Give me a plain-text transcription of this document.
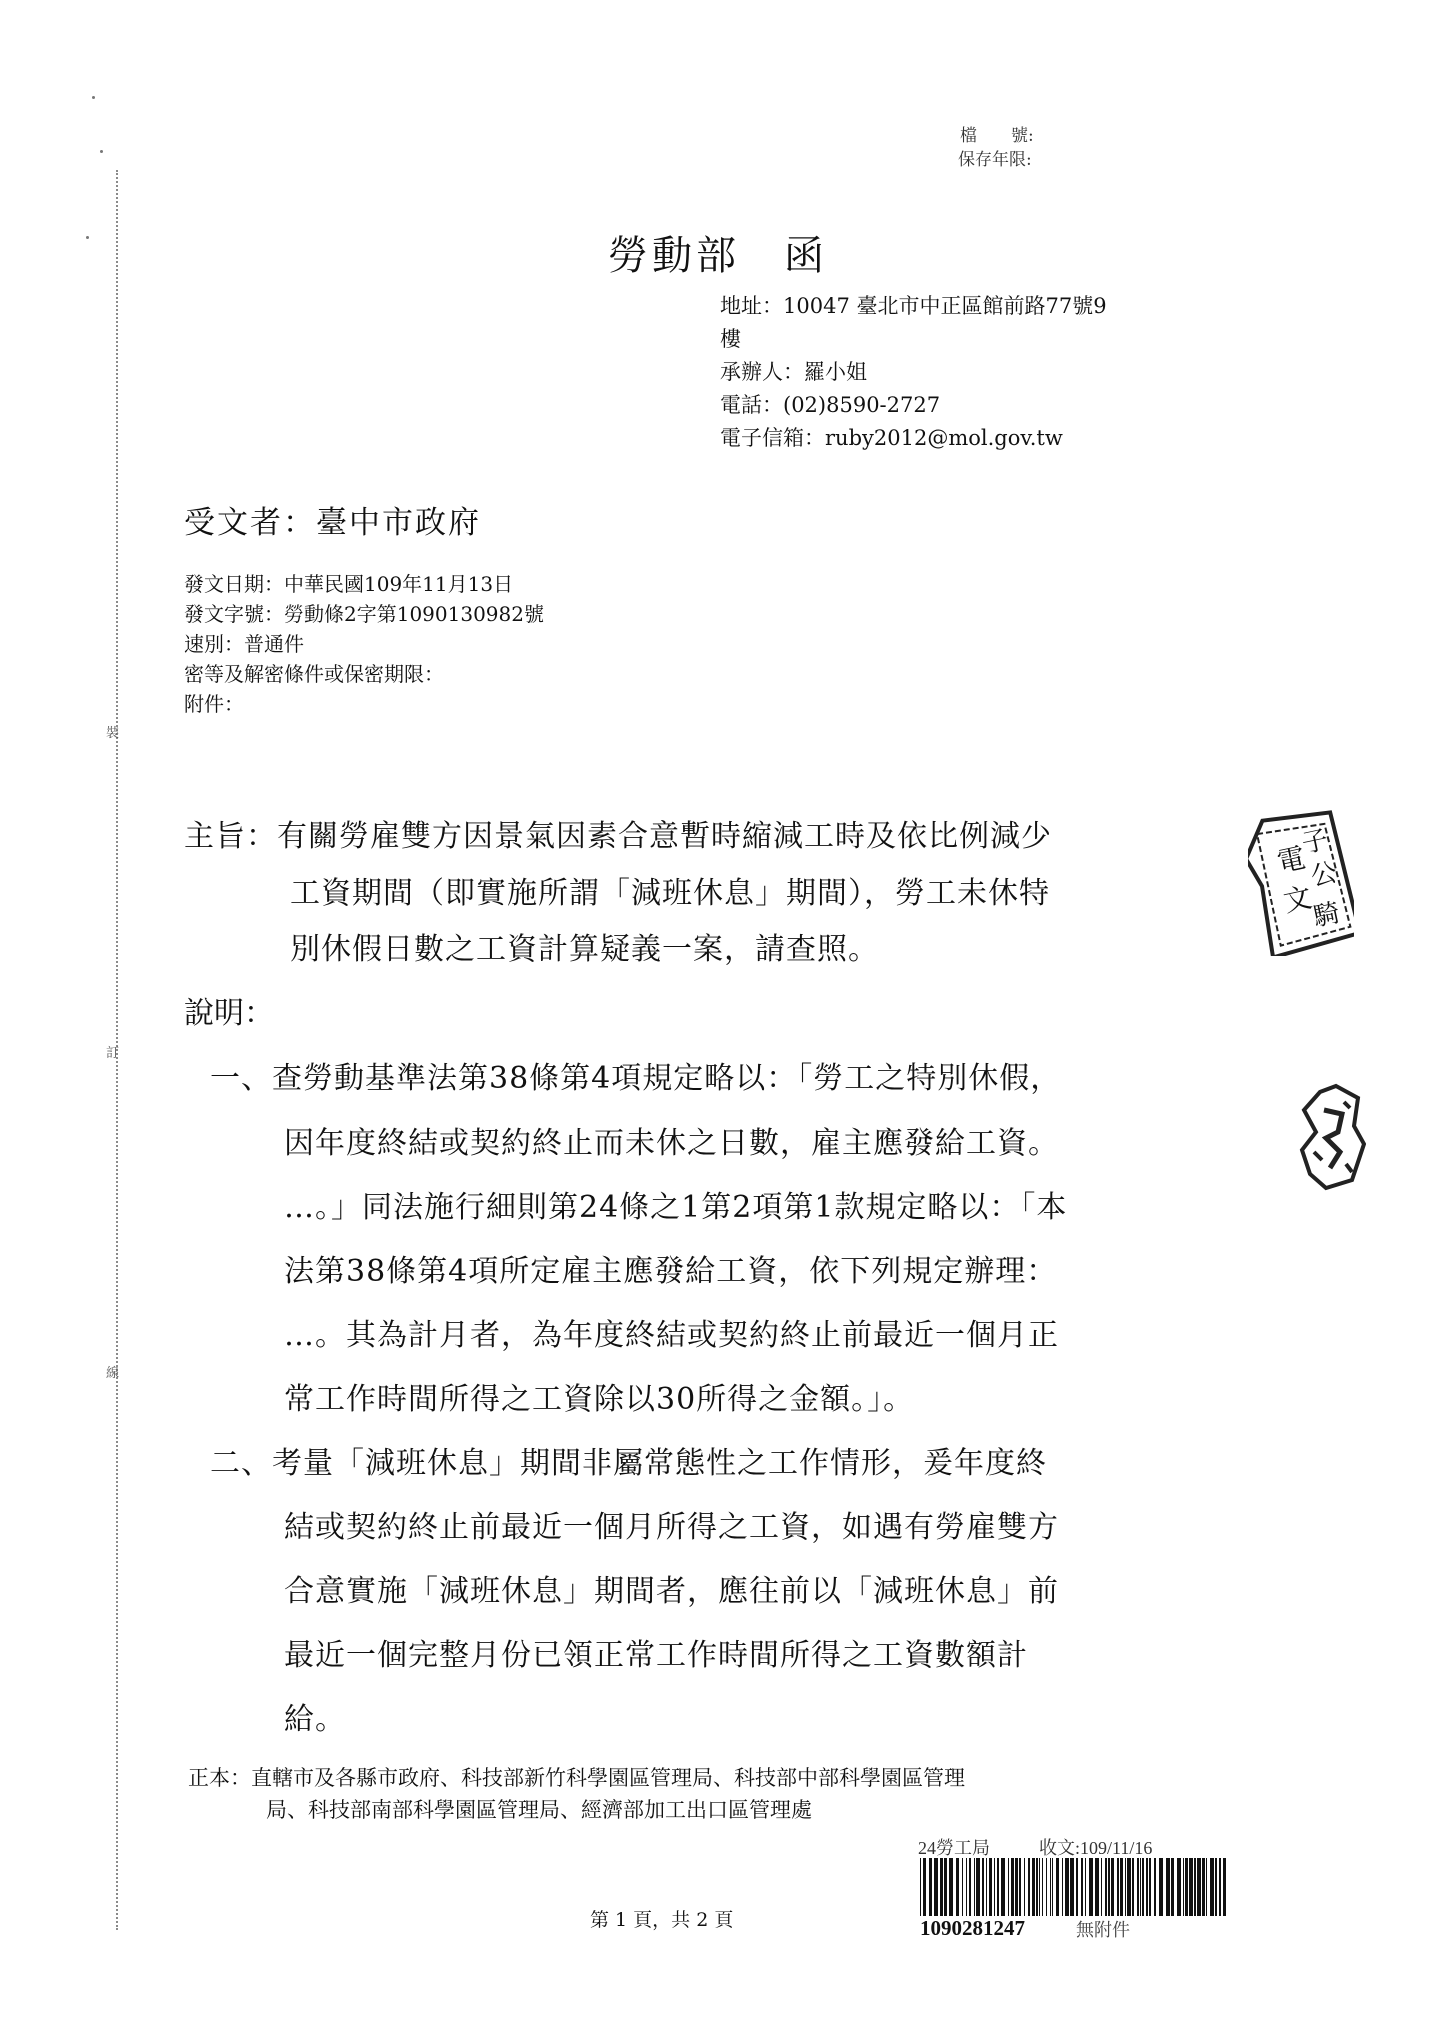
裝
訂
線
檔　　號:
保存年限:
勞動部　函
地址：10047 臺北市中正區館前路77號9
樓
承辦人：羅小姐
電話：(02)8590-2727
電子信箱：ruby2012@mol.gov.tw
受文者：臺中市政府
發文日期：中華民國109年11月13日
發文字號：勞動條2字第1090130982號
速別：普通件
密等及解密條件或保密期限：
附件：
主旨：有關勞雇雙方因景氣因素合意暫時縮減工時及依比例減少
工資期間（即實施所謂「減班休息」期間），勞工未休特
別休假日數之工資計算疑義一案，請查照。
說明：
一、查勞動基準法第38條第4項規定略以：「勞工之特別休假，
因年度終結或契約終止而未休之日數，雇主應發給工資。
…。」同法施行細則第24條之1第2項第1款規定略以：「本
法第38條第4項所定雇主應發給工資，依下列規定辦理：
…。其為計月者，為年度終結或契約終止前最近一個月正
常工作時間所得之工資除以30所得之金額。」。
二、考量「減班休息」期間非屬常態性之工作情形，爰年度終
結或契約終止前最近一個月所得之工資，如遇有勞雇雙方
合意實施「減班休息」期間者，應往前以「減班休息」前
最近一個完整月份已領正常工作時間所得之工資數額計
給。
正本：直轄市及各縣市政府、科技部新竹科學園區管理局、科技部中部科學園區管理
局、科技部南部科學園區管理局、經濟部加工出口區管理處
24勞工局	收文:109/11/16
1090281247	無附件
第 1 頁，共 2 頁
電
子
公
文
騎
